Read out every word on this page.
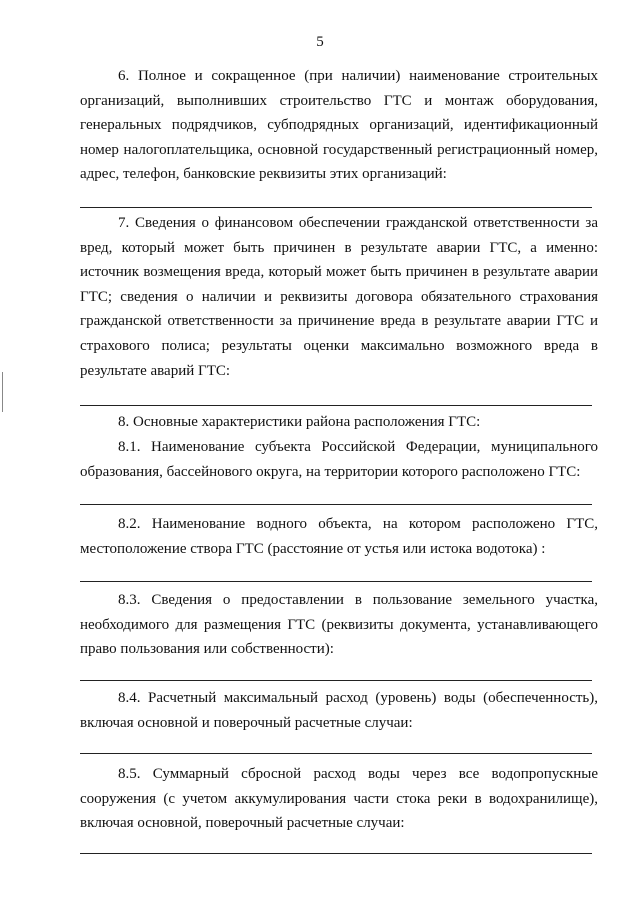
5

6. Полное и сокращенное (при наличии) наименование строительных организаций, выполнивших строительство ГТС и монтаж оборудования, генеральных подрядчиков, субподрядных организаций, идентификационный номер налогоплательщика, основной государственный регистрационный номер, адрес, телефон, банковские реквизиты этих организаций:

7. Сведения о финансовом обеспечении гражданской ответственности за вред, который может быть причинен в результате аварии ГТС, а именно: источник возмещения вреда, который может быть причинен в результате аварии ГТС; сведения о наличии и реквизиты договора обязательного страхования гражданской ответственности за причинение вреда в результате аварии ГТС и страхового полиса; результаты оценки максимально возможного вреда в результате аварий ГТС:

8. Основные характеристики района расположения ГТС:

8.1. Наименование субъекта Российской Федерации, муниципального образования, бассейнового округа, на территории которого расположено ГТС:

8.2. Наименование водного объекта, на котором расположено ГТС, местоположение створа ГТС (расстояние от устья или истока водотока) :

8.3. Сведения о предоставлении в пользование земельного участка, необходимого для размещения ГТС (реквизиты документа, устанавливающего право пользования или собственности):

8.4. Расчетный максимальный расход (уровень) воды (обеспеченность), включая основной и поверочный расчетные случаи:

8.5. Суммарный сбросной расход воды через все водопропускные сооружения (с учетом аккумулирования части стока реки в водохранилище), включая основной, поверочный расчетные случаи:
